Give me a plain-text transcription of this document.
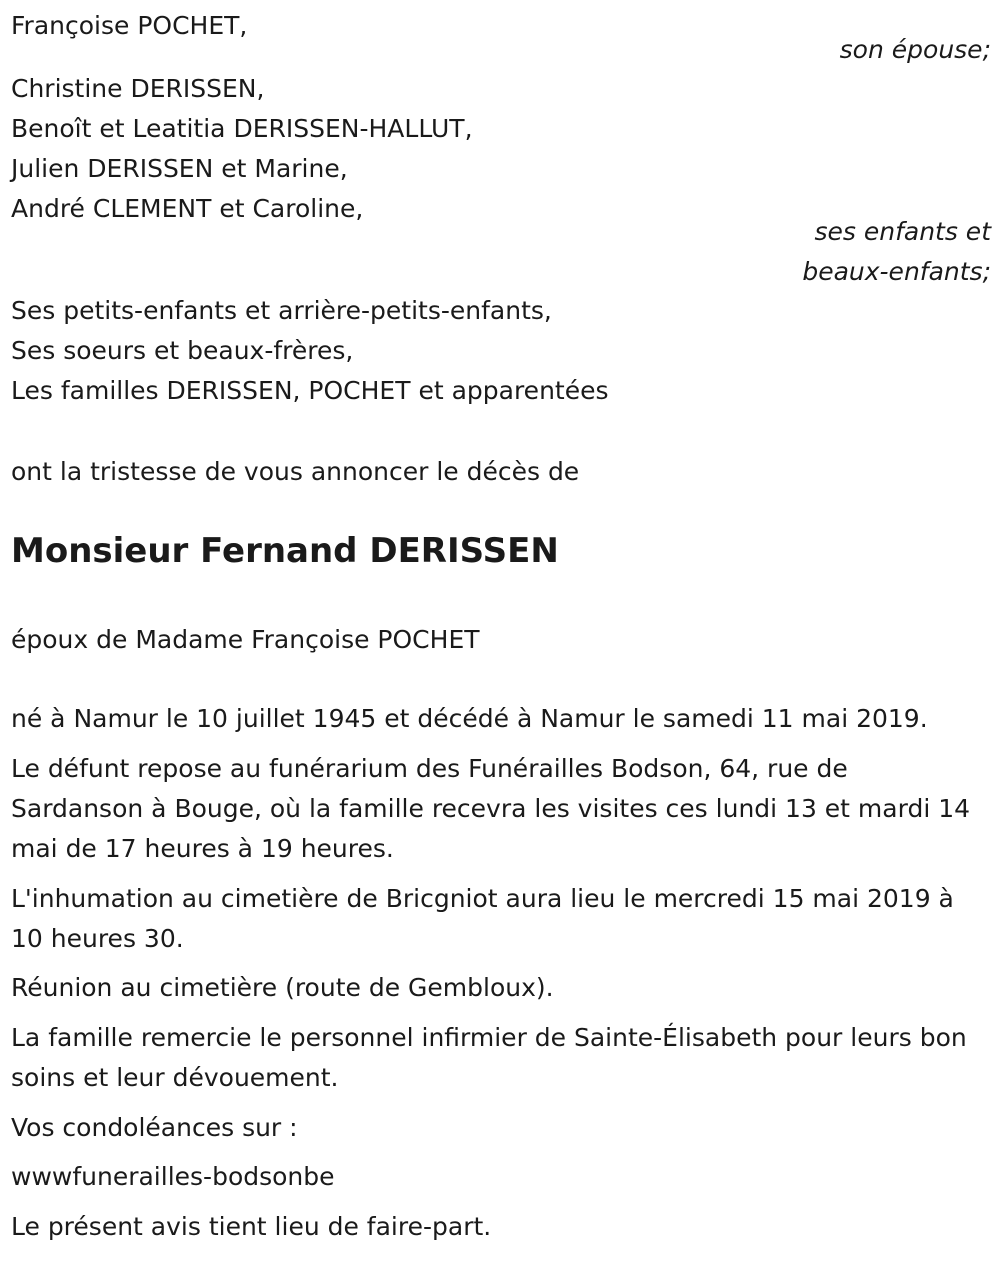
Françoise POCHET,

son épouse;

Christine DERISSEN,

Benoît et Leatitia DERISSEN-HALLUT,

Julien DERISSEN et Marine,

André CLEMENT et Caroline,

ses enfants et

beaux-enfants;

Ses petits-enfants et arrière-petits-enfants,

Ses soeurs et beaux-frères,

Les familles DERISSEN, POCHET et apparentées

ont la tristesse de vous annoncer le décès de

Monsieur Fernand DERISSEN

époux de Madame Françoise POCHET

né à Namur le 10 juillet 1945 et décédé à Namur le samedi 11 mai 2019.

Le défunt repose au funérarium des Funérailles Bodson, 64, rue de Sardanson à Bouge, où la famille recevra les visites ces lundi 13 et mardi 14 mai de 17 heures à 19 heures.

L'inhumation au cimetière de Bricgniot aura lieu le mercredi 15 mai 2019 à 10 heures 30.

Réunion au cimetière (route de Gembloux).

La famille remercie le personnel infirmier de Sainte-Élisabeth pour leurs bon soins et leur dévouement.

Vos condoléances sur :

wwwfunerailles-bodsonbe

Le présent avis tient lieu de faire-part.
